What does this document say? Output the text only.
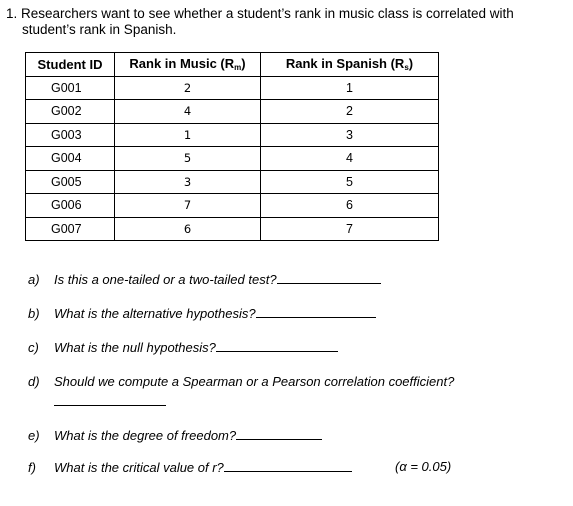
1. Researchers want to see whether a student’s rank in music class is correlated with
student’s rank in Spanish.
Student ID	Rank in Music $(R_m)$	Rank in Spanish $(R_s)$
G001	2	1
G002	4	2
G003	1	3
G004	5	4
G005	3	5
G006	7	6
G007	6	7
a) Is this a one-tailed or a two-tailed test?
b) What is the alternative hypothesis?
c) What is the null hypothesis?
d) Should we compute a Spearman or a Pearson correlation coefficient?
e) What is the degree of freedom?
f) What is the critical value of r?	(α = 0.05)
